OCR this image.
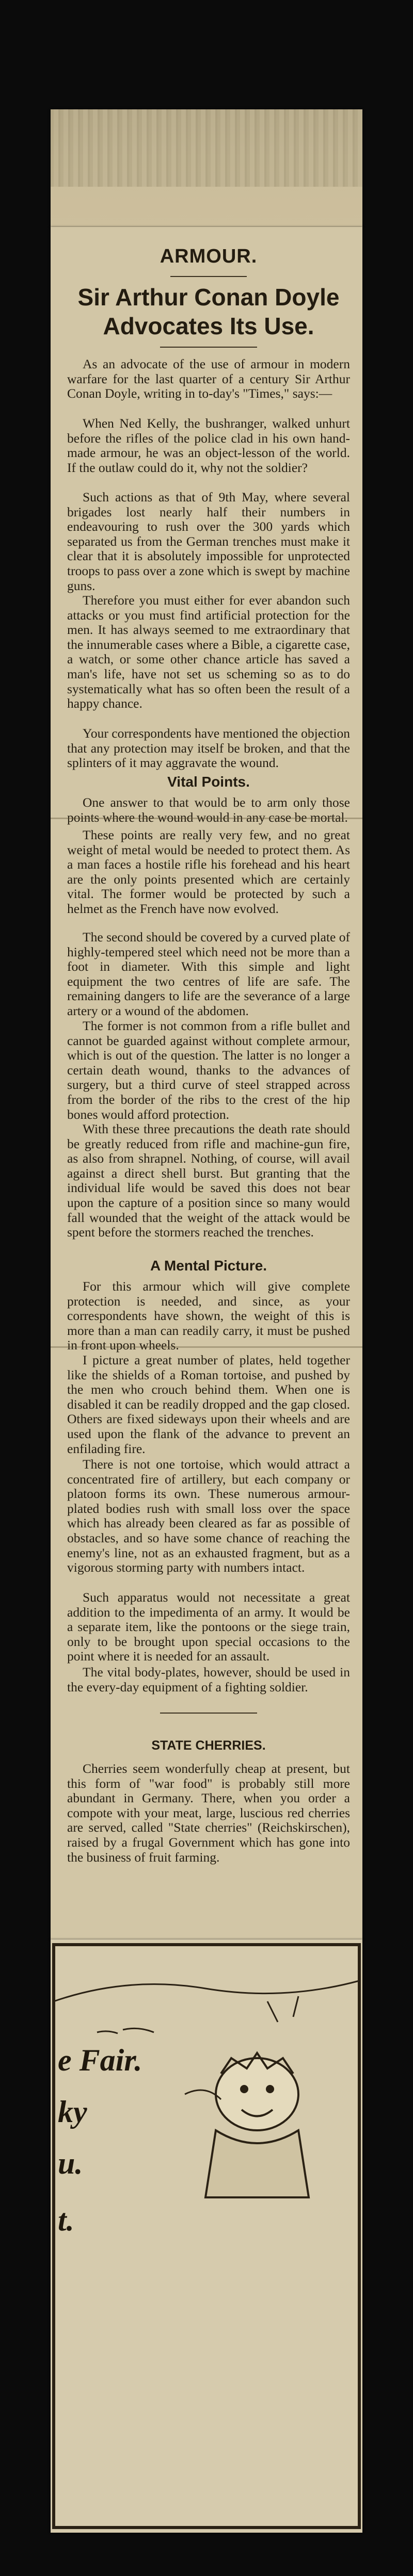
ARMOUR.
Sir Arthur Conan Doyle Advocates Its Use.

As an advocate of the use of armour in modern warfare for the last quarter of a century Sir Arthur Conan Doyle, writing in to-day's "Times," says:—

When Ned Kelly, the bushranger, walked unhurt before the rifles of the police clad in his own hand-made armour, he was an object-lesson of the world. If the outlaw could do it, why not the soldier?

Such actions as that of 9th May, where several brigades lost nearly half their numbers in endeavouring to rush over the 300 yards which separated us from the German trenches must make it clear that it is absolutely impossible for unprotected troops to pass over a zone which is swept by machine guns.

Therefore you must either for ever abandon such attacks or you must find artificial protection for the men. It has always seemed to me extraordinary that the innumerable cases where a Bible, a cigarette case, a watch, or some other chance article has saved a man's life, have not set us scheming so as to do systematically what has so often been the result of a happy chance.

Your correspondents have mentioned the objection that any protection may itself be broken, and that the splinters of it may aggravate the wound.

Vital Points.

One answer to that would be to arm only those points where the wound would in any case be mortal.

These points are really very few, and no great weight of metal would be needed to protect them. As a man faces a hostile rifle his forehead and his heart are the only points presented which are certainly vital. The former would be protected by such a helmet as the French have now evolved.

The second should be covered by a curved plate of highly-tempered steel which need not be more than a foot in diameter. With this simple and light equipment the two centres of life are safe. The remaining dangers to life are the severance of a large artery or a wound of the abdomen.

The former is not common from a rifle bullet and cannot be guarded against without complete armour, which is out of the question. The latter is no longer a certain death wound, thanks to the advances of surgery, but a third curve of steel strapped across from the border of the ribs to the crest of the hip bones would afford protection.

With these three precautions the death rate should be greatly reduced from rifle and machine-gun fire, as also from shrapnel. Nothing, of course, will avail against a direct shell burst. But granting that the individual life would be saved this does not bear upon the capture of a position since so many would fall wounded that the weight of the attack would be spent before the stormers reached the trenches.

A Mental Picture.

For this armour which will give complete protection is needed, and since, as your correspondents have shown, the weight of this is more than a man can readily carry, it must be pushed in front upon wheels.

I picture a great number of plates, held together like the shields of a Roman tortoise, and pushed by the men who crouch behind them. When one is disabled it can be readily dropped and the gap closed. Others are fixed sideways upon their wheels and are used upon the flank of the advance to prevent an enfilading fire.

There is not one tortoise, which would attract a concentrated fire of artillery, but each company or platoon forms its own. These numerous armour-plated bodies rush with small loss over the space which has already been cleared as far as possible of obstacles, and so have some chance of reaching the enemy's line, not as an exhausted fragment, but as a vigorous storming party with numbers intact.

Such apparatus would not necessitate a great addition to the impedimenta of an army. It would be a separate item, like the pontoons or the siege train, only to be brought upon special occasions to the point where it is needed for an assault.

The vital body-plates, however, should be used in the every-day equipment of a fighting soldier.

STATE CHERRIES.

Cherries seem wonderfully cheap at present, but this form of "war food" is probably still more abundant in Germany. There, when you order a compote with your meat, large, luscious red cherries are served, called "State cherries" (Reichskirschen), raised by a frugal Government which has gone into the business of fruit farming.

e Fair.
ky
u.
t.
